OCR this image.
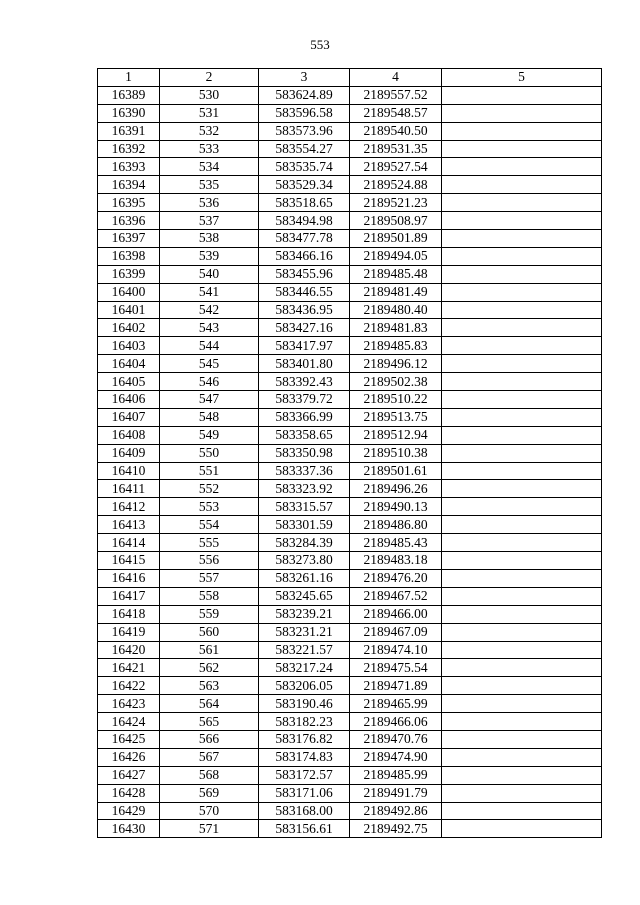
553
1	2	3	4	5
16389	530	583624.89	2189557.52	
16390	531	583596.58	2189548.57	
16391	532	583573.96	2189540.50	
16392	533	583554.27	2189531.35	
16393	534	583535.74	2189527.54	
16394	535	583529.34	2189524.88	
16395	536	583518.65	2189521.23	
16396	537	583494.98	2189508.97	
16397	538	583477.78	2189501.89	
16398	539	583466.16	2189494.05	
16399	540	583455.96	2189485.48	
16400	541	583446.55	2189481.49	
16401	542	583436.95	2189480.40	
16402	543	583427.16	2189481.83	
16403	544	583417.97	2189485.83	
16404	545	583401.80	2189496.12	
16405	546	583392.43	2189502.38	
16406	547	583379.72	2189510.22	
16407	548	583366.99	2189513.75	
16408	549	583358.65	2189512.94	
16409	550	583350.98	2189510.38	
16410	551	583337.36	2189501.61	
16411	552	583323.92	2189496.26	
16412	553	583315.57	2189490.13	
16413	554	583301.59	2189486.80	
16414	555	583284.39	2189485.43	
16415	556	583273.80	2189483.18	
16416	557	583261.16	2189476.20	
16417	558	583245.65	2189467.52	
16418	559	583239.21	2189466.00	
16419	560	583231.21	2189467.09	
16420	561	583221.57	2189474.10	
16421	562	583217.24	2189475.54	
16422	563	583206.05	2189471.89	
16423	564	583190.46	2189465.99	
16424	565	583182.23	2189466.06	
16425	566	583176.82	2189470.76	
16426	567	583174.83	2189474.90	
16427	568	583172.57	2189485.99	
16428	569	583171.06	2189491.79	
16429	570	583168.00	2189492.86	
16430	571	583156.61	2189492.75	
